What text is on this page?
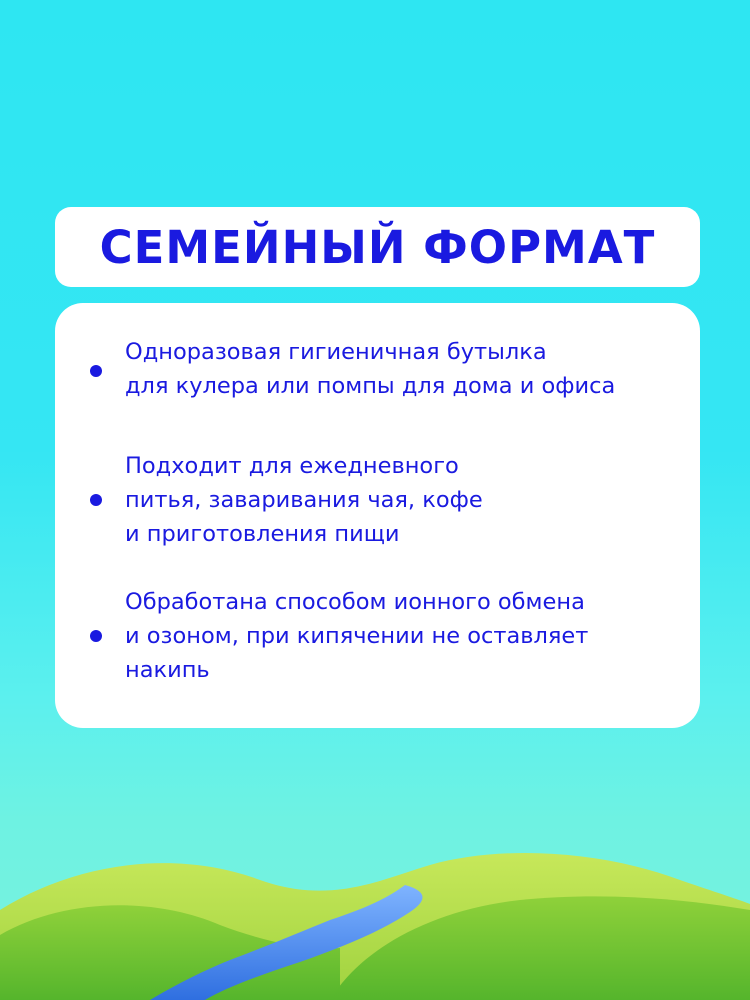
СЕМЕЙНЫЙ ФОРМАТ
Одноразовая гигиеничная бутылка
для кулера или помпы для дома и офиса
Подходит для ежедневного
питья, заваривания чая, кофе
и приготовления пищи
Обработана способом ионного обмена
и озоном, при кипячении не оставляет
накипь
